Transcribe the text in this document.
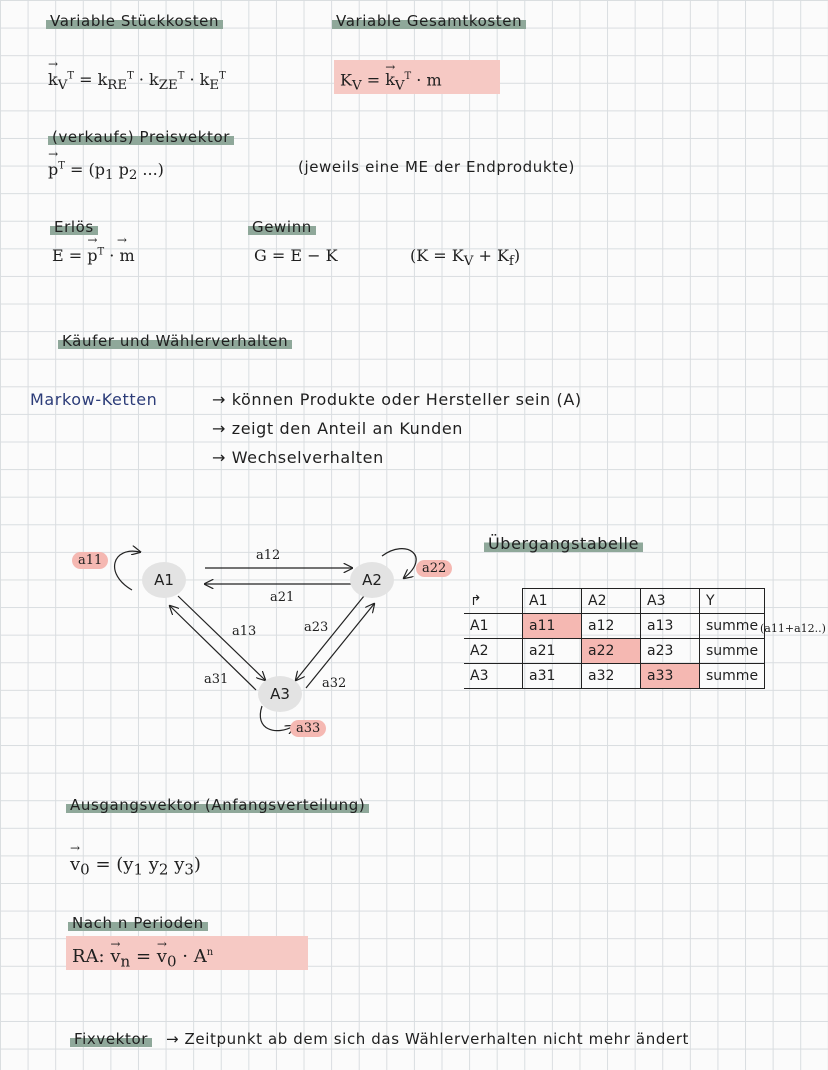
Variable Stückkosten	Variable Gesamtkosten
→ $k_V^T = k_{RE}^T \cdot k_{ZE}^T \cdot k_E^T$	$K_V$ = → $k_V^T \cdot m$
(verkaufs) Preisvektor
→ $p^T = (p_1$ $p_2$ ...)	(jeweils eine ME der Endprodukte)
Erlös	Gewinn
E = → $p^T$ → · m	G = E − K	$(K = K_V + K_f)$
Käufer und Wählerverhalten
Markow-Ketten	→ können Produkte oder Hersteller sein (A)
→ zeigt den Anteil an Kunden
→ Wechselverhalten
A1	A2
A3
a11
a22
a33
a12
a21
a13	a23
a31	a32
Übergangstabelle
↱	A1	A2	A3	Y
A1	a11	a12	a13	summe
A2	a21	a22	a23	summe
A3	a31	a32	a33	summe
(a11+a12..)
Ausgangsvektor (Anfangsverteilung)
→ $v_0 = (y_1$ $y_2$ $y_3$)
Nach n Perioden
RA: → $v_n$ = → $v_0 \cdot A^n$
Fixvektor → Zeitpunkt ab dem sich das Wählerverhalten nicht mehr ändert
